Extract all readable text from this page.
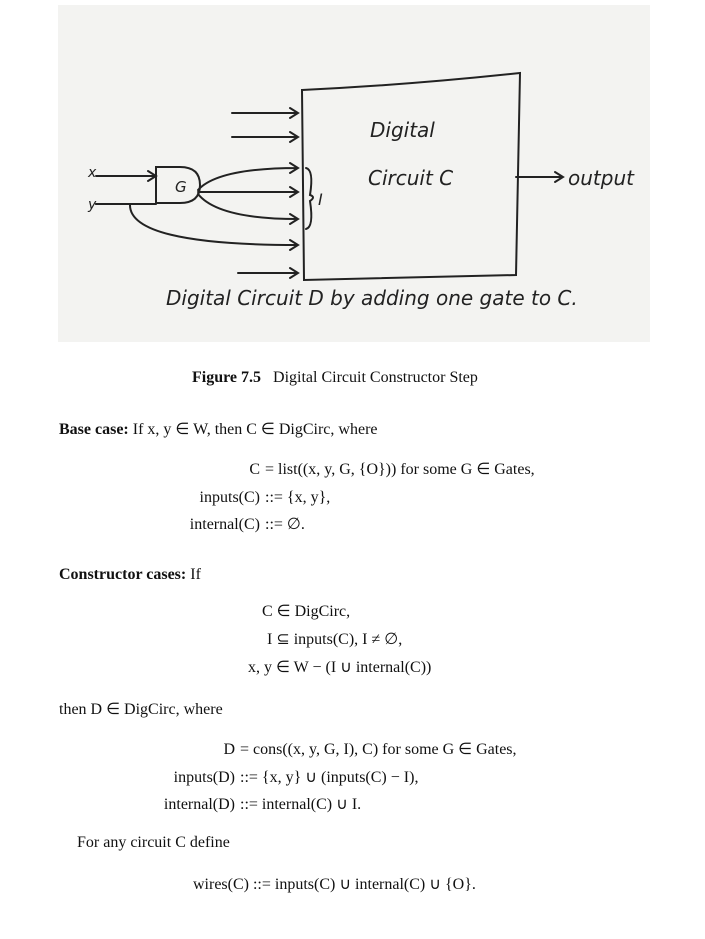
G
x
y	I
Digital
Circuit C	output
Digital Circuit D by adding one gate to C.
Figure 7.5 Digital Circuit Constructor Step
Base case: If x, y ∈ W, then C ∈ DigCirc, where
C = list((x, y, G, {O})) for some G ∈ Gates,
inputs(C) ::= {x, y},
internal(C) ::= ∅.
Constructor cases: If
C ∈ DigCirc,
I ⊆ inputs(C), I ≠ ∅,
x, y ∈ W − (I ∪ internal(C))
then D ∈ DigCirc, where
D = cons((x, y, G, I), C) for some G ∈ Gates,
inputs(D) ::= {x, y} ∪ (inputs(C) − I),
internal(D) ::= internal(C) ∪ I.
For any circuit C define
wires(C) ::= inputs(C) ∪ internal(C) ∪ {O}.
